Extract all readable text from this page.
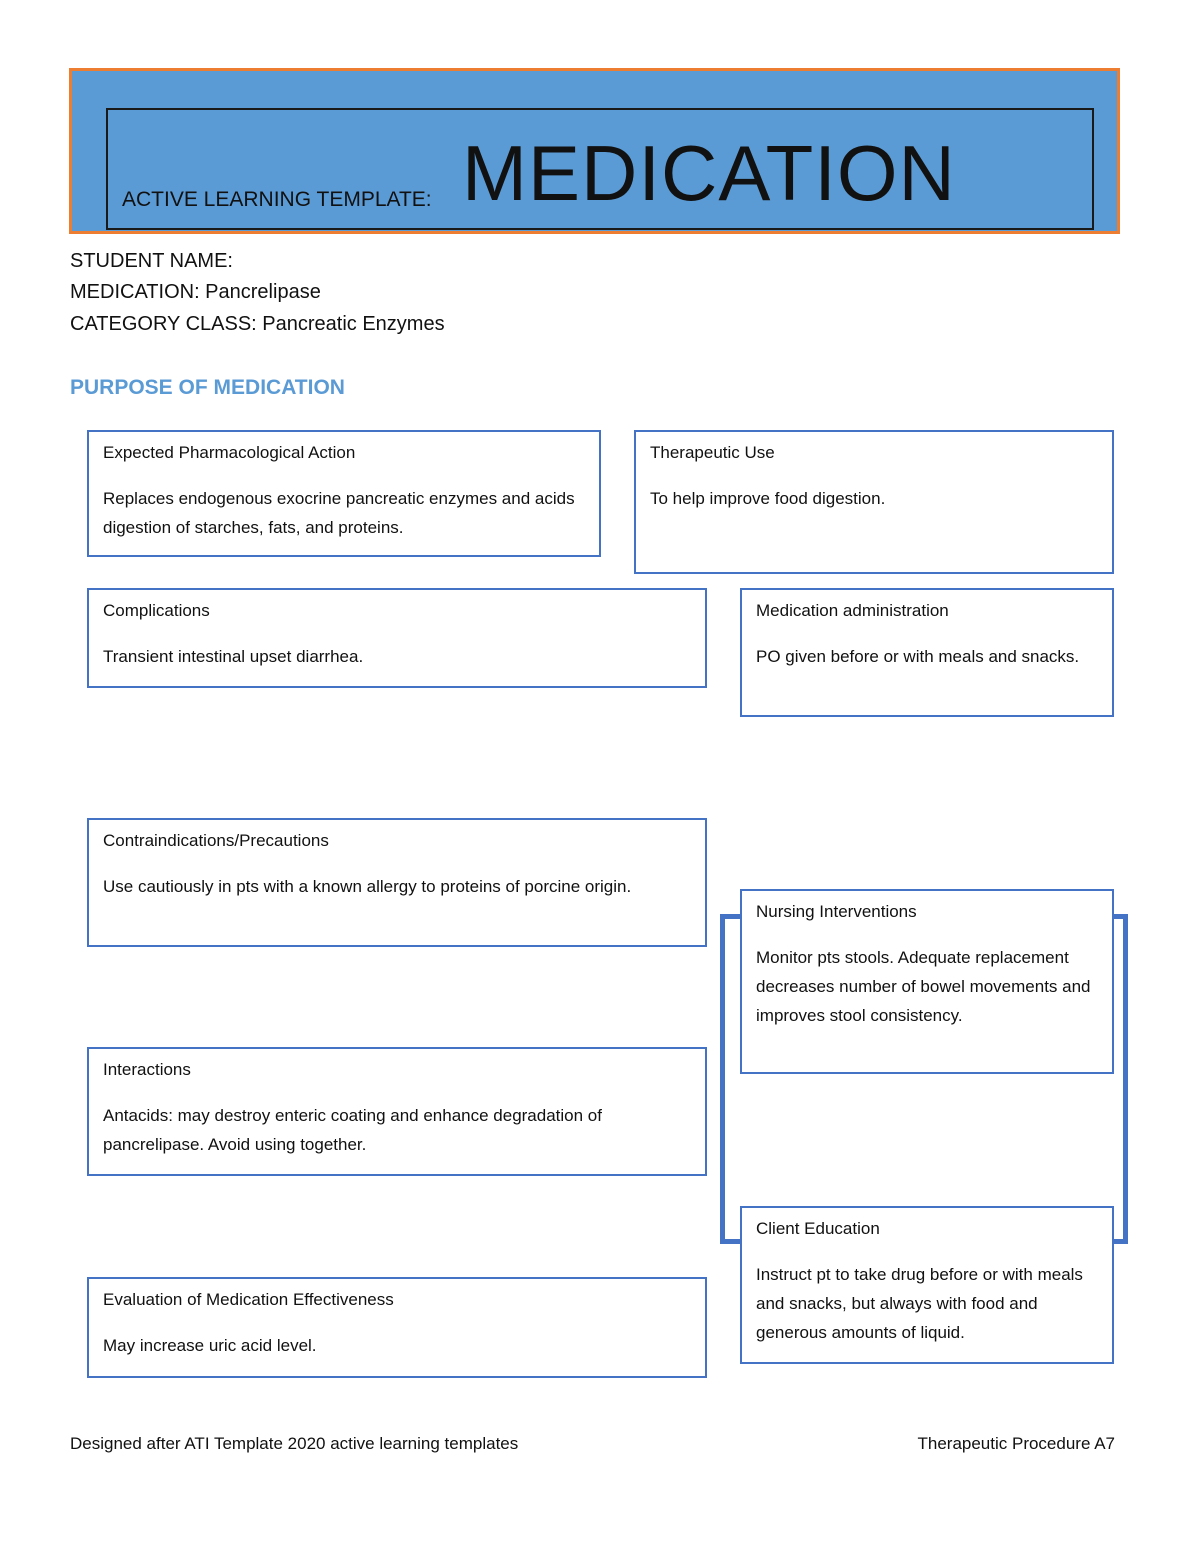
ACTIVE LEARNING TEMPLATE: MEDICATION
STUDENT NAME:
MEDICATION: Pancrelipase
CATEGORY CLASS: Pancreatic Enzymes
PURPOSE OF MEDICATION
Expected Pharmacological Action
Replaces endogenous exocrine pancreatic enzymes and acids digestion of starches, fats, and proteins.
Therapeutic Use
To help improve food digestion.
Complications
Transient intestinal upset diarrhea.
Medication administration
PO given before or with meals and snacks.
Contraindications/Precautions
Use cautiously in pts with a known allergy to proteins of porcine origin.
Nursing Interventions
Monitor pts stools. Adequate replacement decreases number of bowel movements and improves stool consistency.
Interactions
Antacids: may destroy enteric coating and enhance degradation of pancrelipase. Avoid using together.
Client Education
Instruct pt to take drug before or with meals and snacks, but always with food and generous amounts of liquid.
Evaluation of Medication Effectiveness
May increase uric acid level.
Designed after ATI Template 2020 active learning templates	Therapeutic Procedure A7
